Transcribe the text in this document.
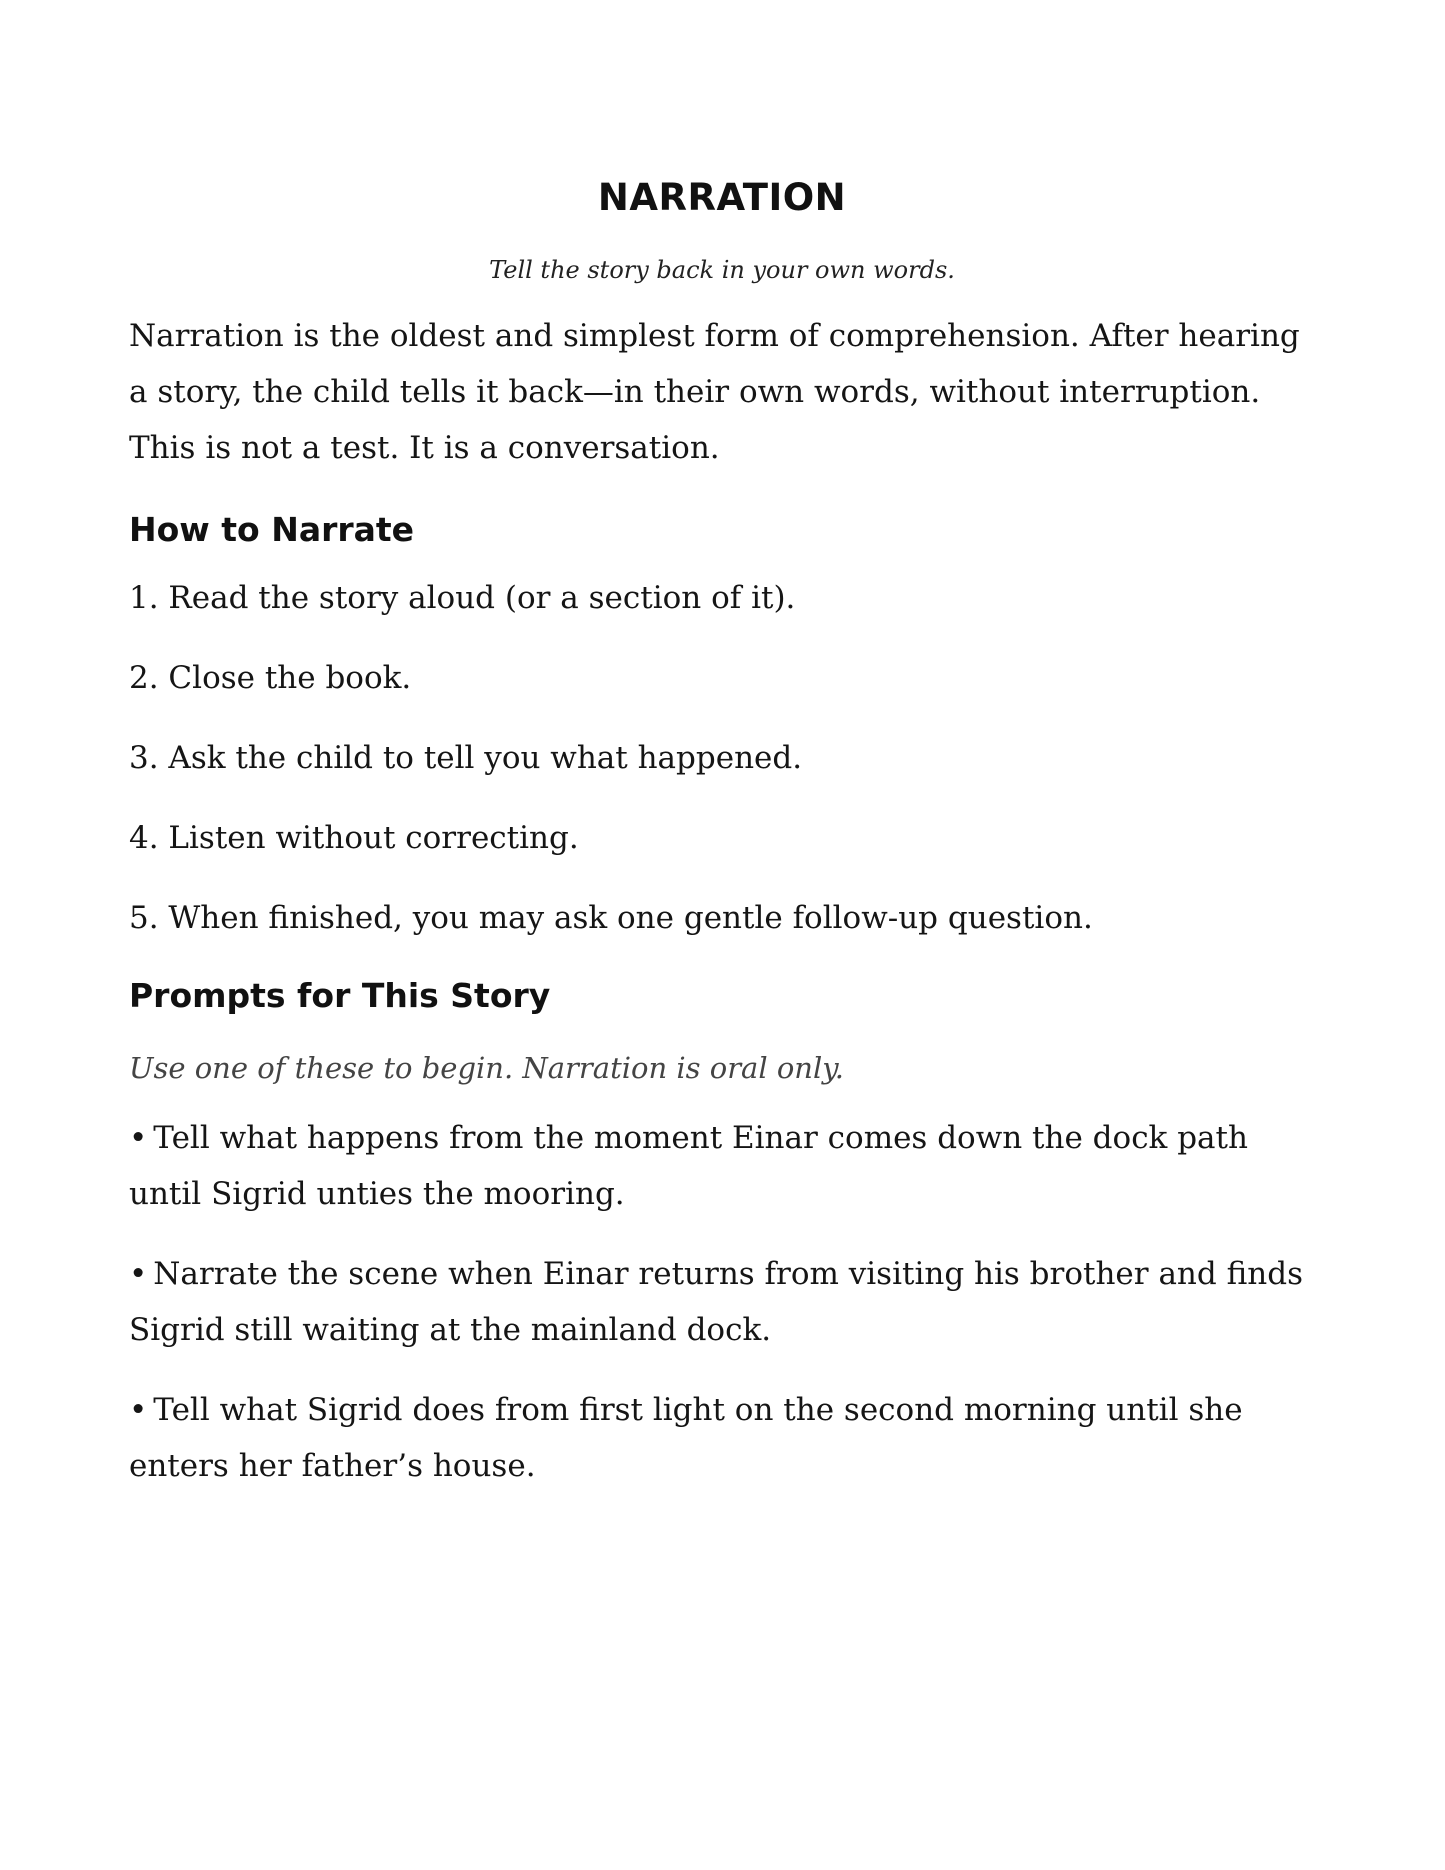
NARRATION

Tell the story back in your own words.

Narration is the oldest and simplest form of comprehension. After hearing a story, the child tells it back—in their own words, without interruption. This is not a test. It is a conversation.

How to Narrate
1. Read the story aloud (or a section of it).
2. Close the book.
3. Ask the child to tell you what happened.
4. Listen without correcting.
5. When finished, you may ask one gentle follow-up question.
Prompts for This Story

Use one of these to begin. Narration is oral only.

• Tell what happens from the moment Einar comes down the dock path until Sigrid unties the mooring.
• Narrate the scene when Einar returns from visiting his brother and finds Sigrid still waiting at the mainland dock.
• Tell what Sigrid does from first light on the second morning until she enters her father’s house.
